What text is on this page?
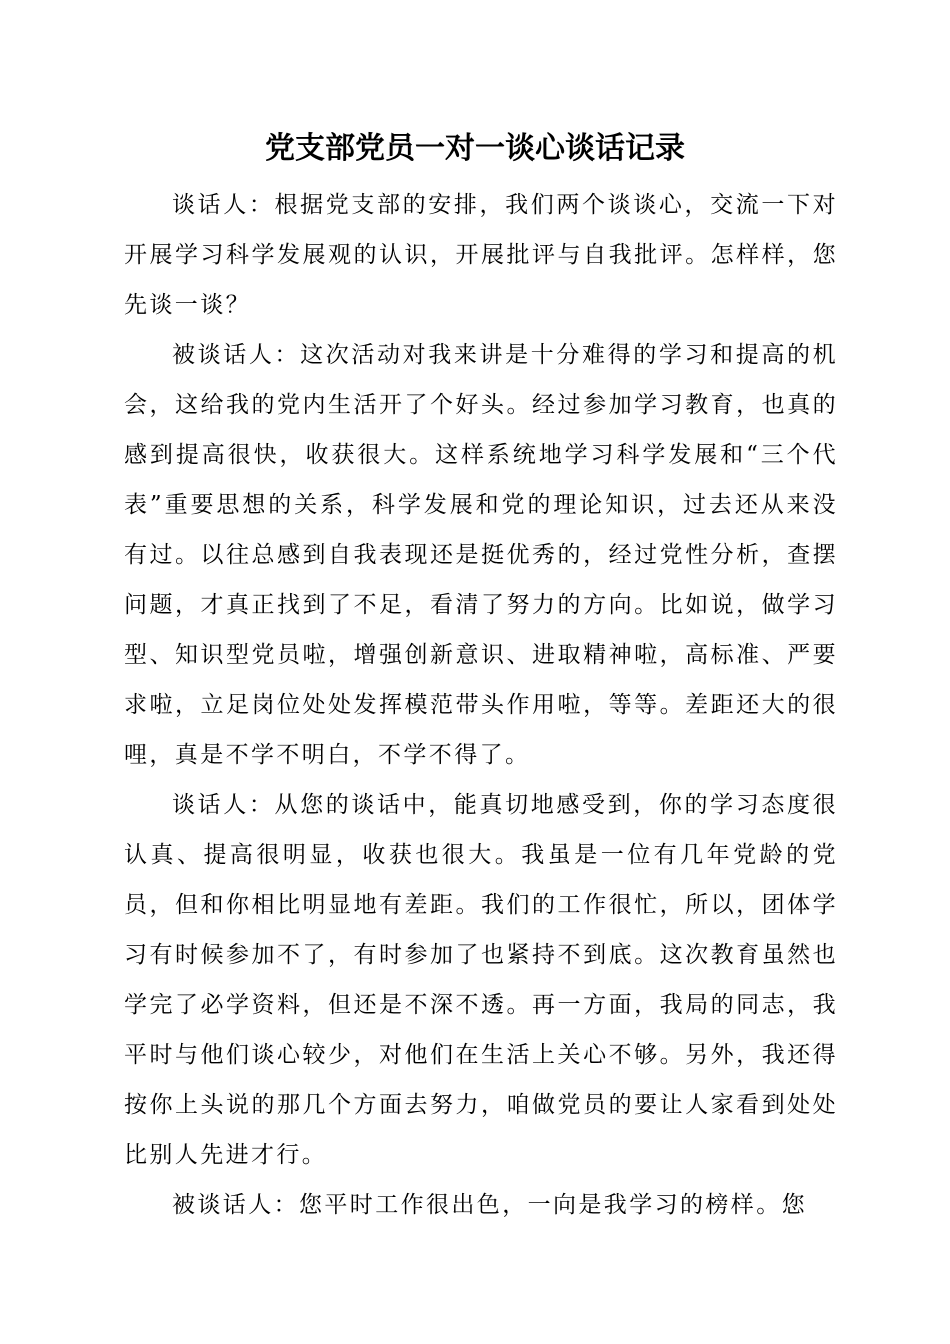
党支部党员一对一谈心谈话记录

谈话人：根据党支部的安排，我们两个谈谈心，交流一下对开展学习科学发展观的认识，开展批评与自我批评。怎样样，您先谈一谈？

被谈话人：这次活动对我来讲是十分难得的学习和提高的机会，这给我的党内生活开了个好头。经过参加学习教育，也真的感到提高很快，收获很大。这样系统地学习科学发展和“三个代表”重要思想的关系，科学发展和党的理论知识，过去还从来没有过。以往总感到自我表现还是挺优秀的，经过党性分析，查摆问题，才真正找到了不足，看清了努力的方向。比如说，做学习型、知识型党员啦，增强创新意识、进取精神啦，高标准、严要求啦，立足岗位处处发挥模范带头作用啦，等等。差距还大的很哩，真是不学不明白，不学不得了。

谈话人：从您的谈话中，能真切地感受到，你的学习态度很认真、提高很明显，收获也很大。我虽是一位有几年党龄的党员，但和你相比明显地有差距。我们的工作很忙，所以，团体学习有时候参加不了，有时参加了也紧持不到底。这次教育虽然也学完了必学资料，但还是不深不透。再一方面，我局的同志，我平时与他们谈心较少，对他们在生活上关心不够。另外，我还得按你上头说的那几个方面去努力，咱做党员的要让人家看到处处比别人先进才行。

被谈话人：您平时工作很出色，一向是我学习的榜样。您
